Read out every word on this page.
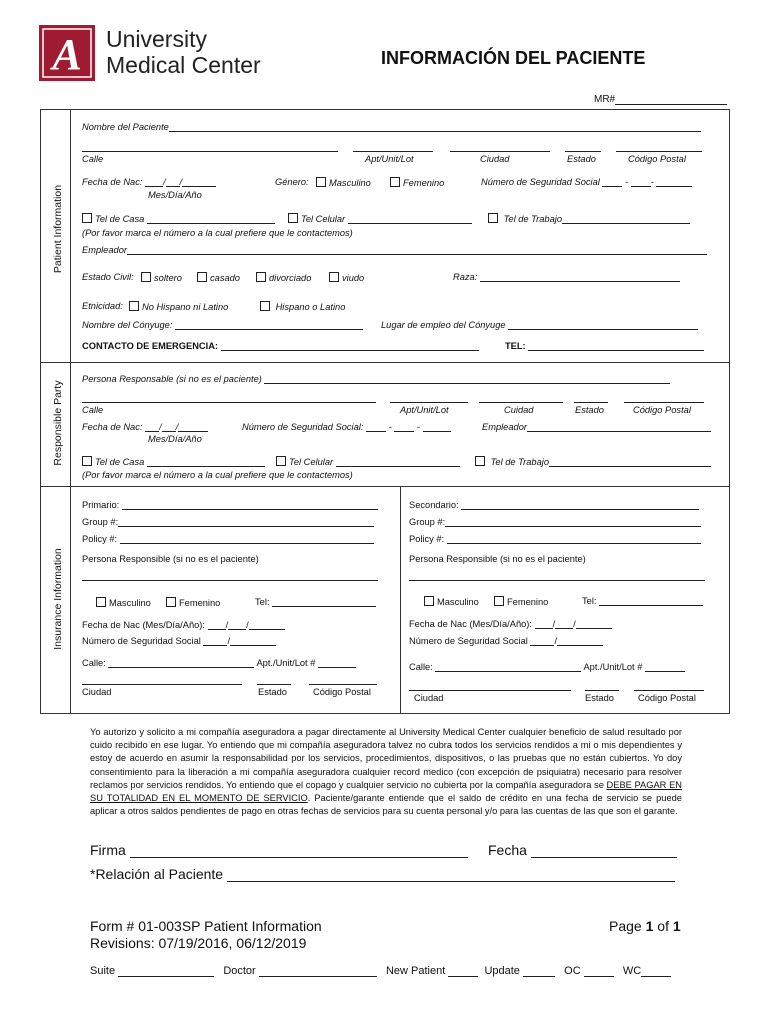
A University
Medical Center	INFORMACIÓN DEL PACIENTE
MR#
Patient Information
Responsible Party
Insurance Information
Nombre del Paciente
Calle	Apt/Unit/Lot	Ciudad	Estado	Código Postal
Fecha de Nac: / /
Mes/Día/Año
Género:	Masculino	Femenino	Número de Seguridad Social  - -
Tel de Casa	Tel Celular	Tel de Trabajo
(Por favor marca el número a la cual prefiere que le contactemos)
Empleador
Estado Civil:	soltero	casado	divorciado	viudo	Raza:
Etnicidad:	No Hispano ni Latino	Hispano o Latino
Nombre del Cónyuge:	Lugar de empleo del Cónyuge
CONTACTO DE EMERGENCIA:	TEL:
Persona Responsable (si no es el paciente)
Calle	Apt/Unit/Lot	Cuidad	Estado	Código Postal
Fecha de Nac: / /
Mes/Día/Año
Número de Seguridad Social:  -  -	Empleador
Tel de Casa	Tel Celular	Tel de Trabajo
(Por favor marca el número a la cual prefiere que le contactemos)
Primario:
Group #:
Policy #:
Persona Responsible (si no es el paciente)
Masculino	Femenino	Tel:
Fecha de Nac (Mes/Día/Año): / /
Número de Seguridad Social	/
Calle:	Apt./Unit/Lot #
Ciudad	Estado	Código Postal
Secondario:
Group #:
Policy #:
Persona Responsible (si no es el paciente)
Masculino	Femenino	Tel:
Fecha de Nac (Mes/Día/Año): / /
Número de Seguridad Social	/
Calle:	Apt./Unit/Lot #
Ciudad	Estado	Código Postal
Yo autorizo y solicito a mi compañía aseguradora a pagar directamente al University Medical Center cualquier beneficio de salud resultado por cuido recibido en ese lugar. Yo entiendo que mi compañía aseguradora talvez no cubra todos los servicios rendidos a mi o mis dependientes y estoy de acuerdo en asumir la responsabilidad por los servicios, procedimientos, dispositivos, o las pruebas que no están cubiertos. Yo doy consentimiento para la liberación a mi compañía aseguradora cualquier record medico (con excepción de psiquiatra) necesario para resolver reclamos por servicios rendidos. Yo entiendo que el copago y cualquier servicio no cubierta por la compañía aseguradora se DEBE PAGAR EN SU TOTALIDAD EN EL MOMENTO DE SERVICIO. Paciente/garante entiende que el saldo de crédito en una fecha de servicio se puede aplicar a otros saldos pendientes de pago en otras fechas de servicios para su cuenta personal y/o para las cuentas de las que son el garante.
Firma	Fecha
*Relación al Paciente
Form # 01-003SP Patient Information
Revisions: 07/19/2016, 06/12/2019
Page 1 of 1
Suite	Doctor	New Patient	Update	OC	WC
